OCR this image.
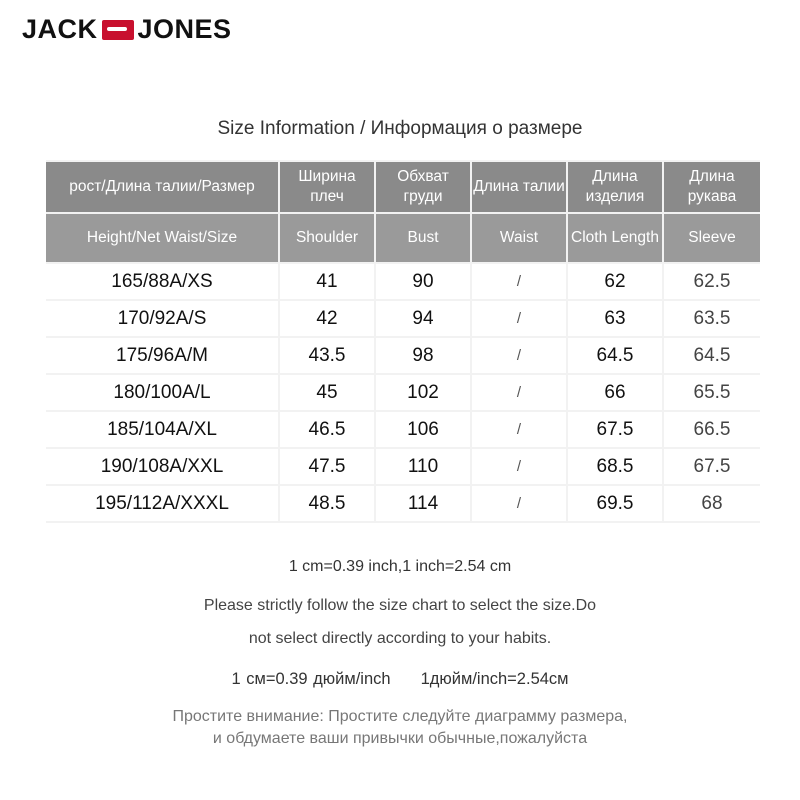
JACK JONES
Size Information / Информация о размере
рост/Длина талии/Размер	Ширина плеч	Обхват груди	Длина талии	Длина изделия	Длина рукава
Height/Net Waist/Size	Shoulder	Bust	Waist	Cloth Length	Sleeve
165/88A/XS	41	90	/	62	62.5
170/92A/S	42	94	/	63	63.5
175/96A/M	43.5	98	/	64.5	64.5
180/100A/L	45	102	/	66	65.5
185/104A/XL	46.5	106	/	67.5	66.5
190/108A/XXL	47.5	110	/	68.5	67.5
195/112A/XXXL	48.5	114	/	69.5	68
1 cm=0.39 inch,1 inch=2.54 cm
Please strictly follow the size chart to select the size.Do
not select directly according to your habits.
1 см=0.39 дюйм/inch 1дюйм/inch=2.54см
Простите внимание: Простите следуйте диаграмму размера,
и обдумаете ваши привычки обычные,пожалуйста
